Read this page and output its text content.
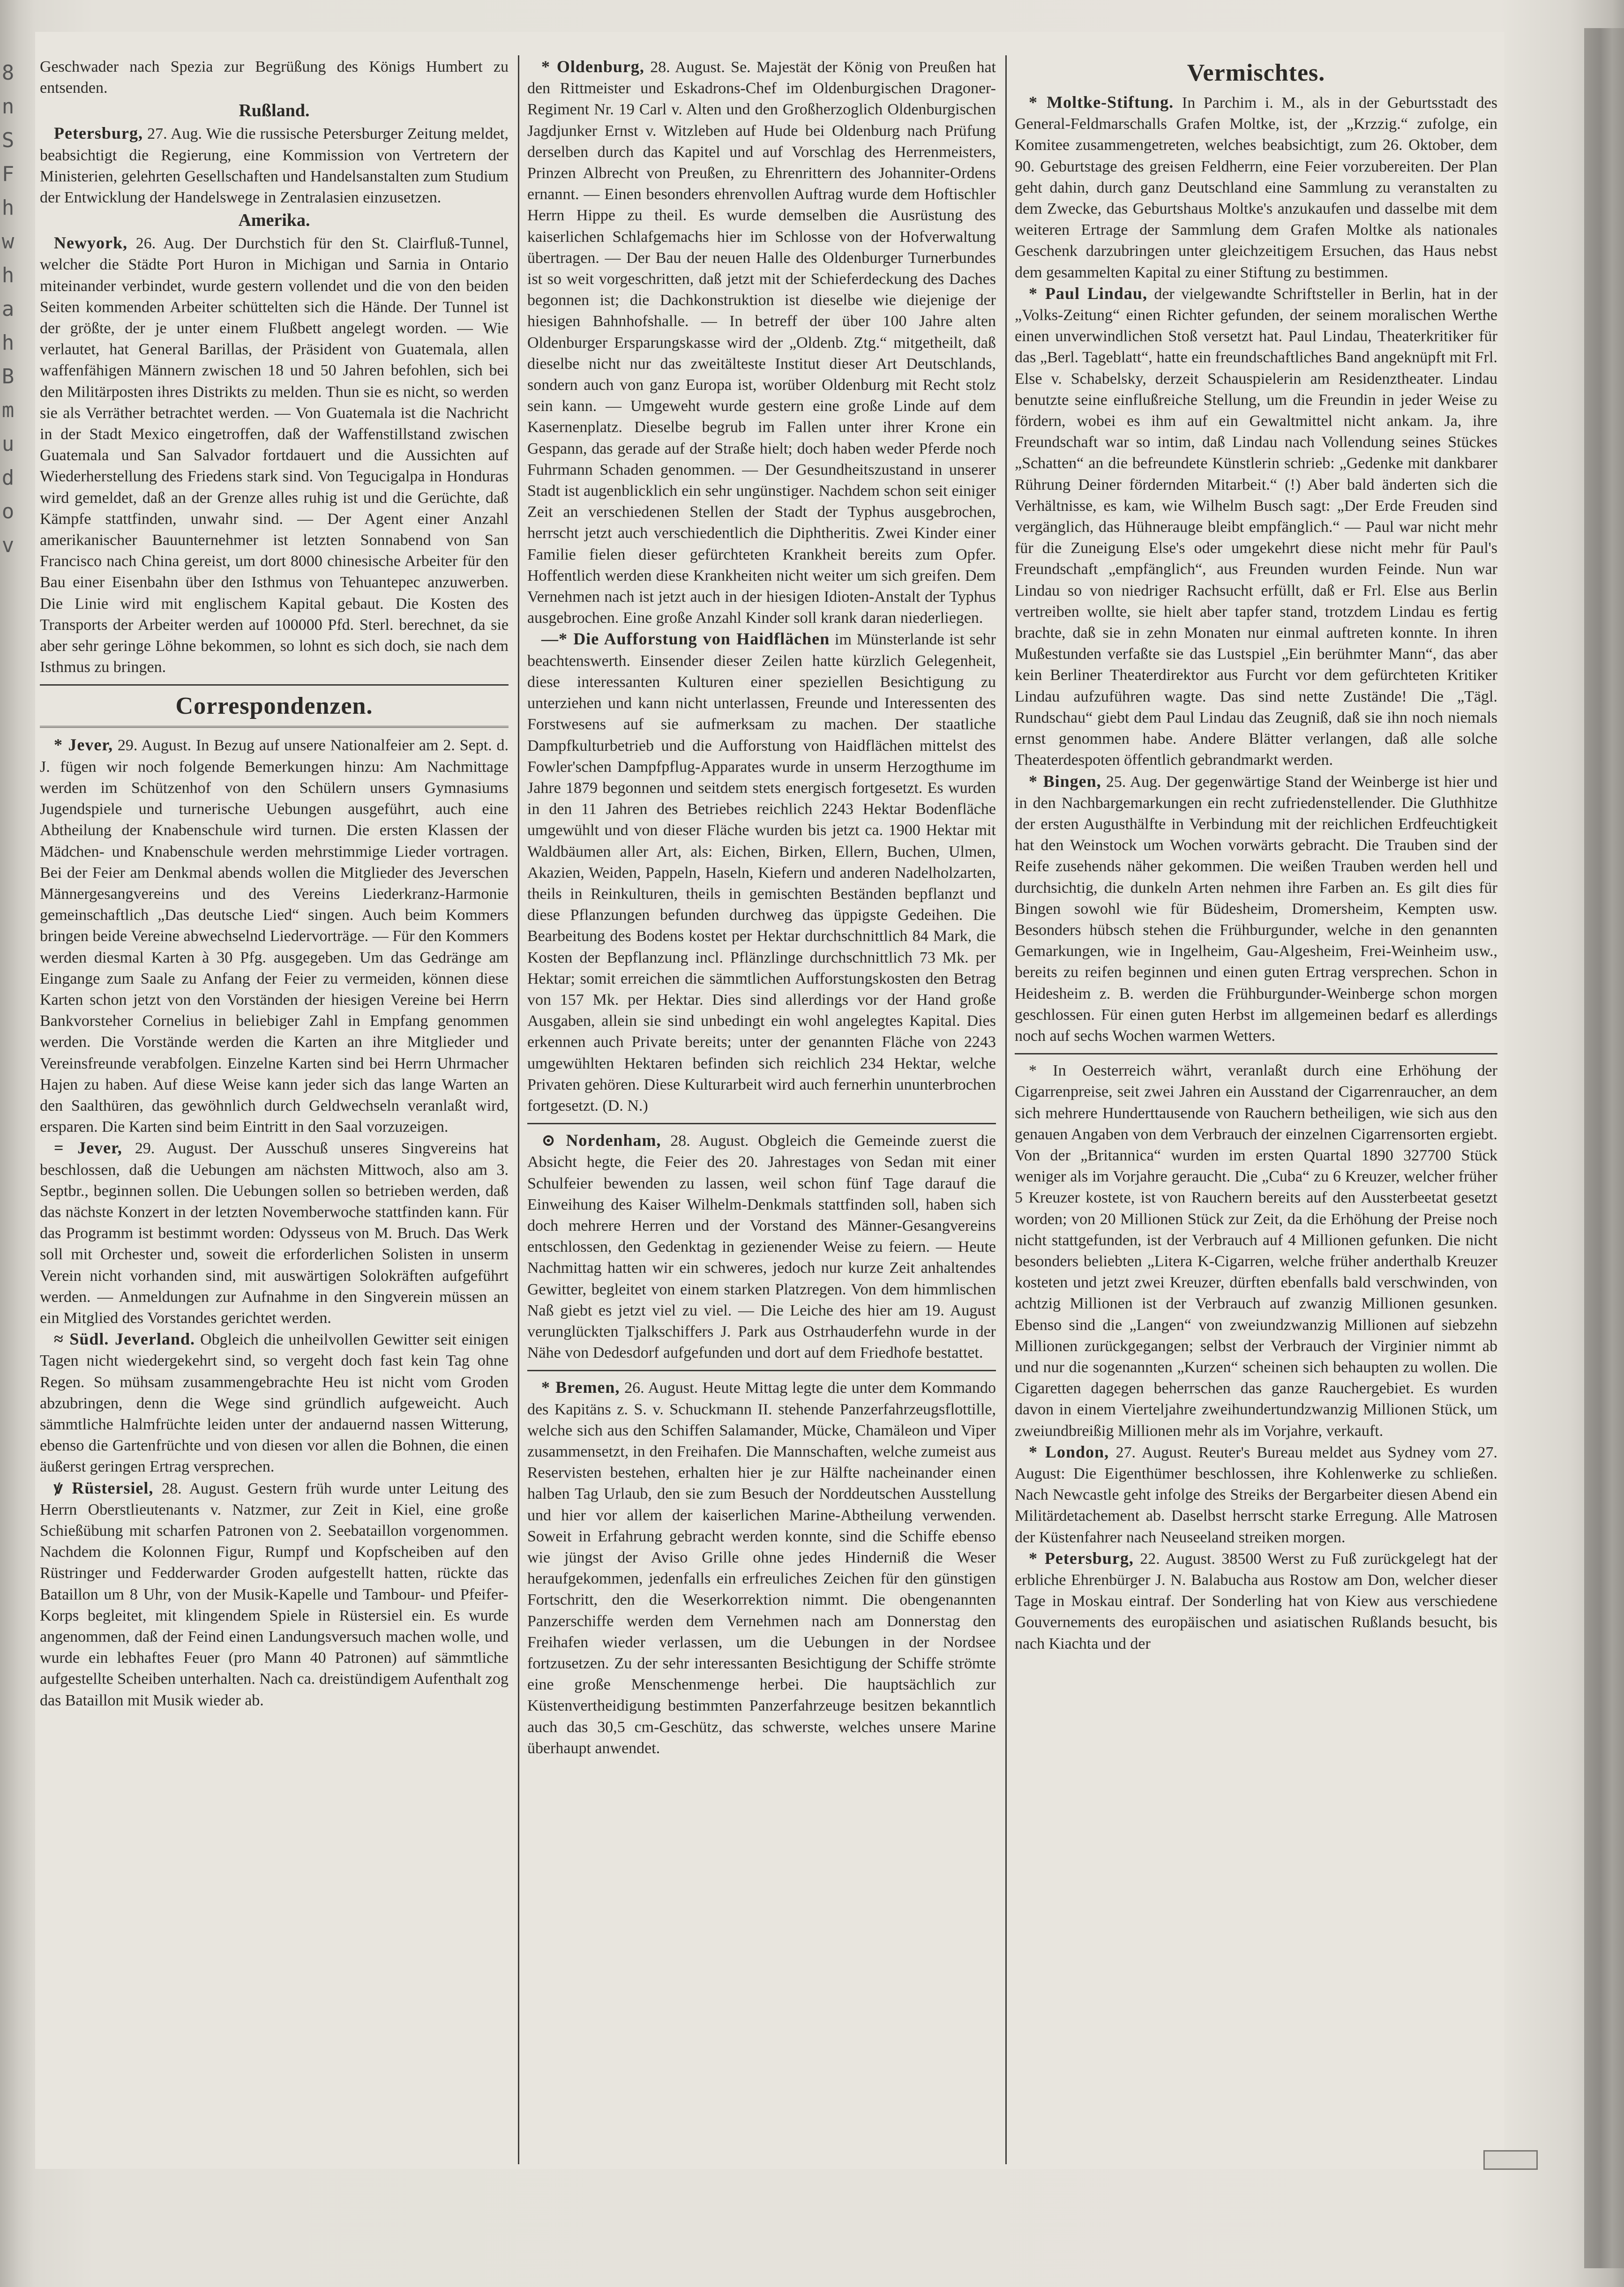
8
n
S
F
h
w
h
a
h
B
m
u
d
o
v

Geschwader nach Spezia zur Begrüßung des Königs Humbert zu entsenden.

Rußland.

Petersburg, 27. Aug. Wie die russische Petersburger Zeitung meldet, beabsichtigt die Regierung, eine Kommission von Vertretern der Ministerien, gelehrten Gesellschaften und Handelsanstalten zum Studium der Entwicklung der Handelswege in Zentralasien einzusetzen.

Amerika.

Newyork, 26. Aug. Der Durchstich für den St. Clairfluß-Tunnel, welcher die Städte Port Huron in Michigan und Sarnia in Ontario miteinander verbindet, wurde gestern vollendet und die von den beiden Seiten kommenden Arbeiter schüttelten sich die Hände. Der Tunnel ist der größte, der je unter einem Flußbett angelegt worden. — Wie verlautet, hat General Barillas, der Präsident von Guatemala, allen waffenfähigen Männern zwischen 18 und 50 Jahren befohlen, sich bei den Militärposten ihres Distrikts zu melden. Thun sie es nicht, so werden sie als Verräther betrachtet werden. — Von Guatemala ist die Nachricht in der Stadt Mexico eingetroffen, daß der Waffenstillstand zwischen Guatemala und San Salvador fortdauert und die Aussichten auf Wiederherstellung des Friedens stark sind. Von Tegucigalpa in Honduras wird gemeldet, daß an der Grenze alles ruhig ist und die Gerüchte, daß Kämpfe stattfinden, unwahr sind. — Der Agent einer Anzahl amerikanischer Bauunternehmer ist letzten Sonnabend von San Francisco nach China gereist, um dort 8000 chinesische Arbeiter für den Bau einer Eisenbahn über den Isthmus von Tehuantepec anzuwerben. Die Linie wird mit englischem Kapital gebaut. Die Kosten des Transports der Arbeiter werden auf 100000 Pfd. Sterl. berechnet, da sie aber sehr geringe Löhne bekommen, so lohnt es sich doch, sie nach dem Isthmus zu bringen.

Correspondenzen.

* Jever, 29. August. In Bezug auf unsere Nationalfeier am 2. Sept. d. J. fügen wir noch folgende Bemerkungen hinzu: Am Nachmittage werden im Schützenhof von den Schülern unsers Gymnasiums Jugendspiele und turnerische Uebungen ausgeführt, auch eine Abtheilung der Knabenschule wird turnen. Die ersten Klassen der Mädchen- und Knabenschule werden mehrstimmige Lieder vortragen. Bei der Feier am Denkmal abends wollen die Mitglieder des Jeverschen Männergesangvereins und des Vereins Liederkranz-Harmonie gemeinschaftlich „Das deutsche Lied“ singen. Auch beim Kommers bringen beide Vereine abwechselnd Liedervorträge. — Für den Kommers werden diesmal Karten à 30 Pfg. ausgegeben. Um das Gedränge am Eingange zum Saale zu Anfang der Feier zu vermeiden, können diese Karten schon jetzt von den Vorständen der hiesigen Vereine bei Herrn Bankvorsteher Cornelius in beliebiger Zahl in Empfang genommen werden. Die Vorstände werden die Karten an ihre Mitglieder und Vereinsfreunde verabfolgen. Einzelne Karten sind bei Herrn Uhrmacher Hajen zu haben. Auf diese Weise kann jeder sich das lange Warten an den Saalthüren, das gewöhnlich durch Geldwechseln veranlaßt wird, ersparen. Die Karten sind beim Eintritt in den Saal vorzuzeigen.

= Jever, 29. August. Der Ausschuß unseres Singvereins hat beschlossen, daß die Uebungen am nächsten Mittwoch, also am 3. Septbr., beginnen sollen. Die Uebungen sollen so betrieben werden, daß das nächste Konzert in der letzten Novemberwoche stattfinden kann. Für das Programm ist bestimmt worden: Odysseus von M. Bruch. Das Werk soll mit Orchester und, soweit die erforderlichen Solisten in unserm Verein nicht vorhanden sind, mit auswärtigen Solokräften aufgeführt werden. — Anmeldungen zur Aufnahme in den Singverein müssen an ein Mitglied des Vorstandes gerichtet werden.

≈ Südl. Jeverland. Obgleich die unheilvollen Gewitter seit einigen Tagen nicht wiedergekehrt sind, so vergeht doch fast kein Tag ohne Regen. So mühsam zusammengebrachte Heu ist nicht vom Groden abzubringen, denn die Wege sind gründlich aufgeweicht. Auch sämmtliche Halmfrüchte leiden unter der andauernd nassen Witterung, ebenso die Gartenfrüchte und von diesen vor allen die Bohnen, die einen äußerst geringen Ertrag versprechen.

ꝟ Rüstersiel, 28. August. Gestern früh wurde unter Leitung des Herrn Oberstlieutenants v. Natzmer, zur Zeit in Kiel, eine große Schießübung mit scharfen Patronen von 2. Seebataillon vorgenommen. Nachdem die Kolonnen Figur, Rumpf und Kopfscheiben auf den Rüstringer und Fedderwarder Groden aufgestellt hatten, rückte das Bataillon um 8 Uhr, von der Musik-Kapelle und Tambour- und Pfeifer-Korps begleitet, mit klingendem Spiele in Rüstersiel ein. Es wurde angenommen, daß der Feind einen Landungsversuch machen wolle, und wurde ein lebhaftes Feuer (pro Mann 40 Patronen) auf sämmtliche aufgestellte Scheiben unterhalten. Nach ca. dreistündigem Aufenthalt zog das Bataillon mit Musik wieder ab.

* Oldenburg, 28. August. Se. Majestät der König von Preußen hat den Rittmeister und Eskadrons-Chef im Oldenburgischen Dragoner-Regiment Nr. 19 Carl v. Alten und den Großherzoglich Oldenburgischen Jagdjunker Ernst v. Witzleben auf Hude bei Oldenburg nach Prüfung derselben durch das Kapitel und auf Vorschlag des Herrenmeisters, Prinzen Albrecht von Preußen, zu Ehrenrittern des Johanniter-Ordens ernannt. — Einen besonders ehrenvollen Auftrag wurde dem Hoftischler Herrn Hippe zu theil. Es wurde demselben die Ausrüstung des kaiserlichen Schlafgemachs hier im Schlosse von der Hofverwaltung übertragen. — Der Bau der neuen Halle des Oldenburger Turnerbundes ist so weit vorgeschritten, daß jetzt mit der Schieferdeckung des Daches begonnen ist; die Dachkonstruktion ist dieselbe wie diejenige der hiesigen Bahnhofshalle. — In betreff der über 100 Jahre alten Oldenburger Ersparungskasse wird der „Oldenb. Ztg.“ mitgetheilt, daß dieselbe nicht nur das zweitälteste Institut dieser Art Deutschlands, sondern auch von ganz Europa ist, worüber Oldenburg mit Recht stolz sein kann. — Umgeweht wurde gestern eine große Linde auf dem Kasernenplatz. Dieselbe begrub im Fallen unter ihrer Krone ein Gespann, das gerade auf der Straße hielt; doch haben weder Pferde noch Fuhrmann Schaden genommen. — Der Gesundheitszustand in unserer Stadt ist augenblicklich ein sehr ungünstiger. Nachdem schon seit einiger Zeit an verschiedenen Stellen der Stadt der Typhus ausgebrochen, herrscht jetzt auch verschiedentlich die Diphtheritis. Zwei Kinder einer Familie fielen dieser gefürchteten Krankheit bereits zum Opfer. Hoffentlich werden diese Krankheiten nicht weiter um sich greifen. Dem Vernehmen nach ist jetzt auch in der hiesigen Idioten-Anstalt der Typhus ausgebrochen. Eine große Anzahl Kinder soll krank daran niederliegen.

—* Die Aufforstung von Haidflächen im Münsterlande ist sehr beachtenswerth. Einsender dieser Zeilen hatte kürzlich Gelegenheit, diese interessanten Kulturen einer speziellen Besichtigung zu unterziehen und kann nicht unterlassen, Freunde und Interessenten des Forstwesens auf sie aufmerksam zu machen. Der staatliche Dampfkulturbetrieb und die Aufforstung von Haidflächen mittelst des Fowler'schen Dampfpflug-Apparates wurde in unserm Herzogthume im Jahre 1879 begonnen und seitdem stets energisch fortgesetzt. Es wurden in den 11 Jahren des Betriebes reichlich 2243 Hektar Bodenfläche umgewühlt und von dieser Fläche wurden bis jetzt ca. 1900 Hektar mit Waldbäumen aller Art, als: Eichen, Birken, Ellern, Buchen, Ulmen, Akazien, Weiden, Pappeln, Haseln, Kiefern und anderen Nadelholzarten, theils in Reinkulturen, theils in gemischten Beständen bepflanzt und diese Pflanzungen befunden durchweg das üppigste Gedeihen. Die Bearbeitung des Bodens kostet per Hektar durchschnittlich 84 Mark, die Kosten der Bepflanzung incl. Pflänzlinge durchschnittlich 73 Mk. per Hektar; somit erreichen die sämmtlichen Aufforstungskosten den Betrag von 157 Mk. per Hektar. Dies sind allerdings vor der Hand große Ausgaben, allein sie sind unbedingt ein wohl angelegtes Kapital. Dies erkennen auch Private bereits; unter der genannten Fläche von 2243 umgewühlten Hektaren befinden sich reichlich 234 Hektar, welche Privaten gehören. Diese Kulturarbeit wird auch fernerhin ununterbrochen fortgesetzt. (D. N.)

⊙ Nordenham, 28. August. Obgleich die Gemeinde zuerst die Absicht hegte, die Feier des 20. Jahrestages von Sedan mit einer Schulfeier bewenden zu lassen, weil schon fünf Tage darauf die Einweihung des Kaiser Wilhelm-Denkmals stattfinden soll, haben sich doch mehrere Herren und der Vorstand des Männer-Gesangvereins entschlossen, den Gedenktag in gezienender Weise zu feiern. — Heute Nachmittag hatten wir ein schweres, jedoch nur kurze Zeit anhaltendes Gewitter, begleitet von einem starken Platzregen. Von dem himmlischen Naß giebt es jetzt viel zu viel. — Die Leiche des hier am 19. August verunglückten Tjalkschiffers J. Park aus Ostrhauderfehn wurde in der Nähe von Dedesdorf aufgefunden und dort auf dem Friedhofe bestattet.

* Bremen, 26. August. Heute Mittag legte die unter dem Kommando des Kapitäns z. S. v. Schuckmann II. stehende Panzerfahrzeugsflottille, welche sich aus den Schiffen Salamander, Mücke, Chamäleon und Viper zusammensetzt, in den Freihafen. Die Mannschaften, welche zumeist aus Reservisten bestehen, erhalten hier je zur Hälfte nacheinander einen halben Tag Urlaub, den sie zum Besuch der Norddeutschen Ausstellung und hier vor allem der kaiserlichen Marine-Abtheilung verwenden. Soweit in Erfahrung gebracht werden konnte, sind die Schiffe ebenso wie jüngst der Aviso Grille ohne jedes Hinderniß die Weser heraufgekommen, jedenfalls ein erfreuliches Zeichen für den günstigen Fortschritt, den die Weserkorrektion nimmt. Die obengenannten Panzerschiffe werden dem Vernehmen nach am Donnerstag den Freihafen wieder verlassen, um die Uebungen in der Nordsee fortzusetzen. Zu der sehr interessanten Besichtigung der Schiffe strömte eine große Menschenmenge herbei. Die hauptsächlich zur Küstenvertheidigung bestimmten Panzerfahrzeuge besitzen bekanntlich auch das 30,5 cm-Geschütz, das schwerste, welches unsere Marine überhaupt anwendet.

Vermischtes.

* Moltke-Stiftung. In Parchim i. M., als in der Geburtsstadt des General-Feldmarschalls Grafen Moltke, ist, der „Krzzig.“ zufolge, ein Komitee zusammengetreten, welches beabsichtigt, zum 26. Oktober, dem 90. Geburtstage des greisen Feldherrn, eine Feier vorzubereiten. Der Plan geht dahin, durch ganz Deutschland eine Sammlung zu veranstalten zu dem Zwecke, das Geburtshaus Moltke's anzukaufen und dasselbe mit dem weiteren Ertrage der Sammlung dem Grafen Moltke als nationales Geschenk darzubringen unter gleichzeitigem Ersuchen, das Haus nebst dem gesammelten Kapital zu einer Stiftung zu bestimmen.

* Paul Lindau, der vielgewandte Schriftsteller in Berlin, hat in der „Volks-Zeitung“ einen Richter gefunden, der seinem moralischen Werthe einen unverwindlichen Stoß versetzt hat. Paul Lindau, Theaterkritiker für das „Berl. Tageblatt“, hatte ein freundschaftliches Band angeknüpft mit Frl. Else v. Schabelsky, derzeit Schauspielerin am Residenztheater. Lindau benutzte seine einflußreiche Stellung, um die Freundin in jeder Weise zu fördern, wobei es ihm auf ein Gewaltmittel nicht ankam. Ja, ihre Freundschaft war so intim, daß Lindau nach Vollendung seines Stückes „Schatten“ an die befreundete Künstlerin schrieb: „Gedenke mit dankbarer Rührung Deiner fördernden Mitarbeit.“ (!) Aber bald änderten sich die Verhältnisse, es kam, wie Wilhelm Busch sagt: „Der Erde Freuden sind vergänglich, das Hühnerauge bleibt empfänglich.“ — Paul war nicht mehr für die Zuneigung Else's oder umgekehrt diese nicht mehr für Paul's Freundschaft „empfänglich“, aus Freunden wurden Feinde. Nun war Lindau so von niedriger Rachsucht erfüllt, daß er Frl. Else aus Berlin vertreiben wollte, sie hielt aber tapfer stand, trotzdem Lindau es fertig brachte, daß sie in zehn Monaten nur einmal auftreten konnte. In ihren Mußestunden verfaßte sie das Lustspiel „Ein berühmter Mann“, das aber kein Berliner Theaterdirektor aus Furcht vor dem gefürchteten Kritiker Lindau aufzuführen wagte. Das sind nette Zustände! Die „Tägl. Rundschau“ giebt dem Paul Lindau das Zeugniß, daß sie ihn noch niemals ernst genommen habe. Andere Blätter verlangen, daß alle solche Theaterdespoten öffentlich gebrandmarkt werden.

* Bingen, 25. Aug. Der gegenwärtige Stand der Weinberge ist hier und in den Nachbargemarkungen ein recht zufriedenstellender. Die Gluthhitze der ersten Augusthälfte in Verbindung mit der reichlichen Erdfeuchtigkeit hat den Weinstock um Wochen vorwärts gebracht. Die Trauben sind der Reife zusehends näher gekommen. Die weißen Trauben werden hell und durchsichtig, die dunkeln Arten nehmen ihre Farben an. Es gilt dies für Bingen sowohl wie für Büdesheim, Dromersheim, Kempten usw. Besonders hübsch stehen die Frühburgunder, welche in den genannten Gemarkungen, wie in Ingelheim, Gau-Algesheim, Frei-Weinheim usw., bereits zu reifen beginnen und einen guten Ertrag versprechen. Schon in Heidesheim z. B. werden die Frühburgunder-Weinberge schon morgen geschlossen. Für einen guten Herbst im allgemeinen bedarf es allerdings noch auf sechs Wochen warmen Wetters.

* In Oesterreich währt, veranlaßt durch eine Erhöhung der Cigarrenpreise, seit zwei Jahren ein Ausstand der Cigarrenraucher, an dem sich mehrere Hunderttausende von Rauchern betheiligen, wie sich aus den genauen Angaben von dem Verbrauch der einzelnen Cigarrensorten ergiebt. Von der „Britannica“ wurden im ersten Quartal 1890 327700 Stück weniger als im Vorjahre geraucht. Die „Cuba“ zu 6 Kreuzer, welcher früher 5 Kreuzer kostete, ist von Rauchern bereits auf den Aussterbeetat gesetzt worden; von 20 Millionen Stück zur Zeit, da die Erhöhung der Preise noch nicht stattgefunden, ist der Verbrauch auf 4 Millionen gefunken. Die nicht besonders beliebten „Litera K-Cigarren, welche früher anderthalb Kreuzer kosteten und jetzt zwei Kreuzer, dürften ebenfalls bald verschwinden, von achtzig Millionen ist der Verbrauch auf zwanzig Millionen gesunken. Ebenso sind die „Langen“ von zweiundzwanzig Millionen auf siebzehn Millionen zurückgegangen; selbst der Verbrauch der Virginier nimmt ab und nur die sogenannten „Kurzen“ scheinen sich behaupten zu wollen. Die Cigaretten dagegen beherrschen das ganze Rauchergebiet. Es wurden davon in einem Vierteljahre zweihundertundzwanzig Millionen Stück, um zweiundbreißig Millionen mehr als im Vorjahre, verkauft.

* London, 27. August. Reuter's Bureau meldet aus Sydney vom 27. August: Die Eigenthümer beschlossen, ihre Kohlenwerke zu schließen. Nach Newcastle geht infolge des Streiks der Bergarbeiter diesen Abend ein Militärdetachement ab. Daselbst herrscht starke Erregung. Alle Matrosen der Küstenfahrer nach Neuseeland streiken morgen.

* Petersburg, 22. August. 38500 Werst zu Fuß zurückgelegt hat der erbliche Ehrenbürger J. N. Balabucha aus Rostow am Don, welcher dieser Tage in Moskau eintraf. Der Sonderling hat von Kiew aus verschiedene Gouvernements des europäischen und asiatischen Rußlands besucht, bis nach Kiachta und der
